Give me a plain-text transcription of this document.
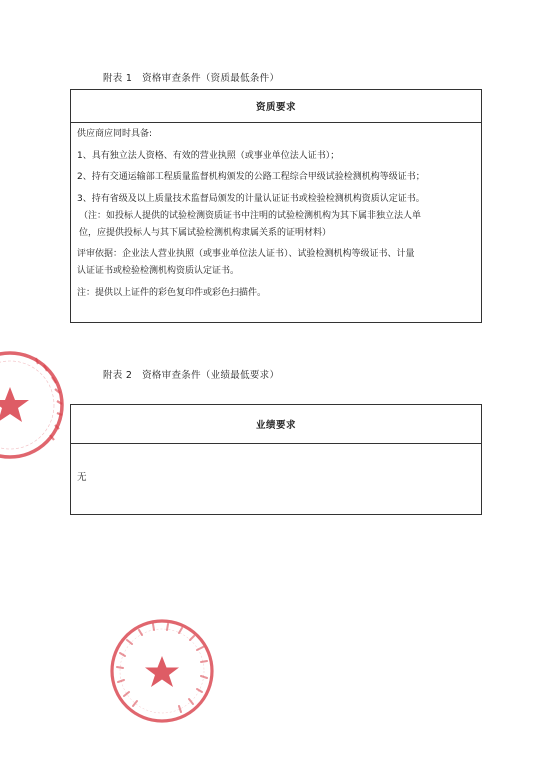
附表 1　资格审查条件（资质最低条件）
资质要求

供应商应同时具备:

1、具有独立法人资格、有效的营业执照（或事业单位法人证书）；

2、持有交通运输部工程质量监督机构颁发的公路工程综合甲级试验检测机构等级证书；

3、持有省级及以上质量技术监督局颁发的计量认证证书或检验检测机构资质认定证书。

（注：如投标人提供的试验检测资质证书中注明的试验检测机构为其下属非独立法人单

位，应提供投标人与其下属试验检测机构隶属关系的证明材料）

评审依据：企业法人营业执照（或事业单位法人证书）、试验检测机构等级证书、计量

认证证书或检验检测机构资质认定证书。

注：提供以上证件的彩色复印件或彩色扫描件。

附表 2　资格审查条件（业绩最低要求）
业绩要求
无
